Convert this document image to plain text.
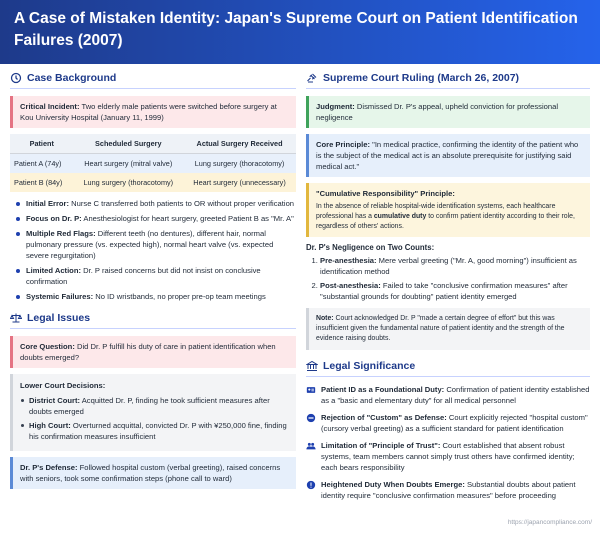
A Case of Mistaken Identity: Japan's Supreme Court on Patient Identification Failures (2007)
Case Background
Critical Incident: Two elderly male patients were switched before surgery at Kou University Hospital (January 11, 1999)
Patient	Scheduled Surgery	Actual Surgery Received
Patient A (74y)	Heart surgery (mitral valve)	Lung surgery (thoracotomy)
Patient B (84y)	Lung surgery (thoracotomy)	Heart surgery (unnecessary)
Initial Error: Nurse C transferred both patients to OR without proper verification
Focus on Dr. P: Anesthesiologist for heart surgery, greeted Patient B as "Mr. A"
Multiple Red Flags: Different teeth (no dentures), different hair, normal pulmonary pressure (vs. expected high), normal heart valve (vs. expected severe regurgitation)
Limited Action: Dr. P raised concerns but did not insist on conclusive confirmation
Systemic Failures: No ID wristbands, no proper pre-op team meetings
Legal Issues
Core Question: Did Dr. P fulfill his duty of care in patient identification when doubts emerged?
Lower Court Decisions:
District Court: Acquitted Dr. P, finding he took sufficient measures after doubts emerged
High Court: Overturned acquittal, convicted Dr. P with ¥250,000 fine, finding his confirmation measures insufficient
Dr. P's Defense: Followed hospital custom (verbal greeting), raised concerns with seniors, took some confirmation steps (phone call to ward)
Supreme Court Ruling (March 26, 2007)
Judgment: Dismissed Dr. P's appeal, upheld conviction for professional negligence
Core Principle: "In medical practice, confirming the identity of the patient who is the subject of the medical act is an absolute prerequisite for justifying said medical act."
"Cumulative Responsibility" Principle:
In the absence of reliable hospital-wide identification systems, each healthcare professional has a cumulative duty to confirm patient identity according to their role, regardless of others' actions.
Dr. P's Negligence on Two Counts:
1. Pre-anesthesia: Mere verbal greeting ("Mr. A, good morning") insufficient as identification method
2. Post-anesthesia: Failed to take "conclusive confirmation measures" after "substantial grounds for doubting" patient identity emerged
Note: Court acknowledged Dr. P "made a certain degree of effort" but this was insufficient given the fundamental nature of patient identity and the strength of the evidence raising doubts.
Legal Significance
Patient ID as a Foundational Duty: Confirmation of patient identity established as a "basic and elementary duty" for all medical personnel
Rejection of "Custom" as Defense: Court explicitly rejected "hospital custom" (cursory verbal greeting) as a sufficient standard for patient identification
Limitation of "Principle of Trust": Court established that absent robust systems, team members cannot simply trust others have confirmed identity; each bears responsibility
Heightened Duty When Doubts Emerge: Substantial doubts about patient identity require "conclusive confirmation measures" before proceeding
https://japancompliance.com/
